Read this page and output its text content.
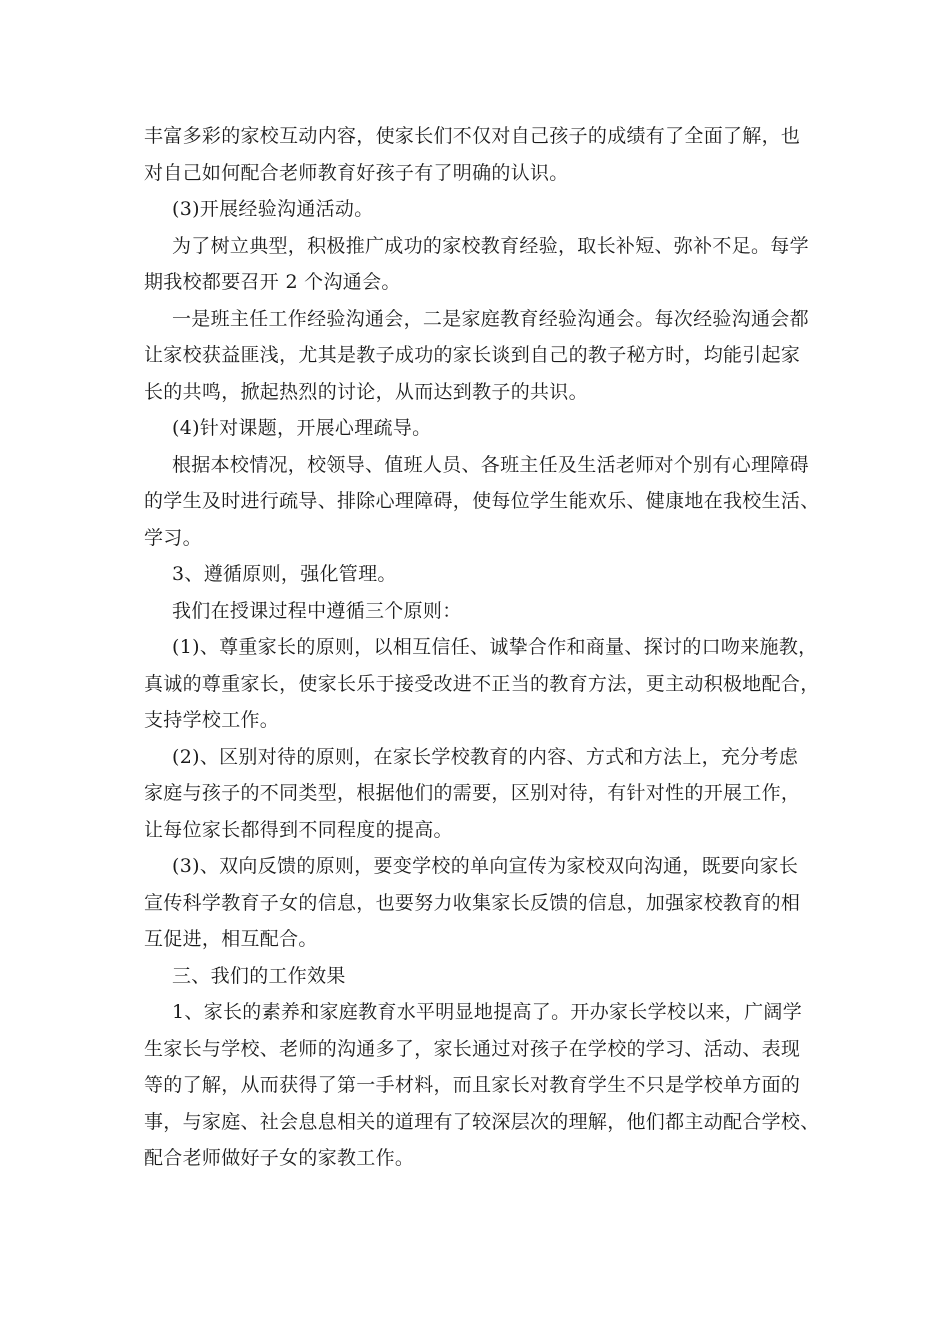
丰富多彩的家校互动内容，使家长们不仅对自己孩子的成绩有了全面了解，也
对自己如何配合老师教育好孩子有了明确的认识。
(3)开展经验沟通活动。
为了树立典型，积极推广成功的家校教育经验，取长补短、弥补不足。每学
期我校都要召开 2 个沟通会。
一是班主任工作经验沟通会，二是家庭教育经验沟通会。每次经验沟通会都
让家校获益匪浅，尤其是教子成功的家长谈到自己的教子秘方时，均能引起家
长的共鸣，掀起热烈的讨论，从而达到教子的共识。
(4)针对课题，开展心理疏导。
根据本校情况，校领导、值班人员、各班主任及生活老师对个别有心理障碍
的学生及时进行疏导、排除心理障碍，使每位学生能欢乐、健康地在我校生活、
学习。
3、遵循原则，强化管理。
我们在授课过程中遵循三个原则：
(1)、尊重家长的原则，以相互信任、诚挚合作和商量、探讨的口吻来施教，
真诚的尊重家长，使家长乐于接受改进不正当的教育方法，更主动积极地配合，
支持学校工作。
(2)、区别对待的原则，在家长学校教育的内容、方式和方法上，充分考虑
家庭与孩子的不同类型，根据他们的需要，区别对待，有针对性的开展工作，
让每位家长都得到不同程度的提高。
(3)、双向反馈的原则，要变学校的单向宣传为家校双向沟通，既要向家长
宣传科学教育子女的信息，也要努力收集家长反馈的信息，加强家校教育的相
互促进，相互配合。
三、我们的工作效果
1、家长的素养和家庭教育水平明显地提高了。开办家长学校以来，广阔学
生家长与学校、老师的沟通多了，家长通过对孩子在学校的学习、活动、表现
等的了解，从而获得了第一手材料，而且家长对教育学生不只是学校单方面的
事，与家庭、社会息息相关的道理有了较深层次的理解，他们都主动配合学校、
配合老师做好子女的家教工作。
